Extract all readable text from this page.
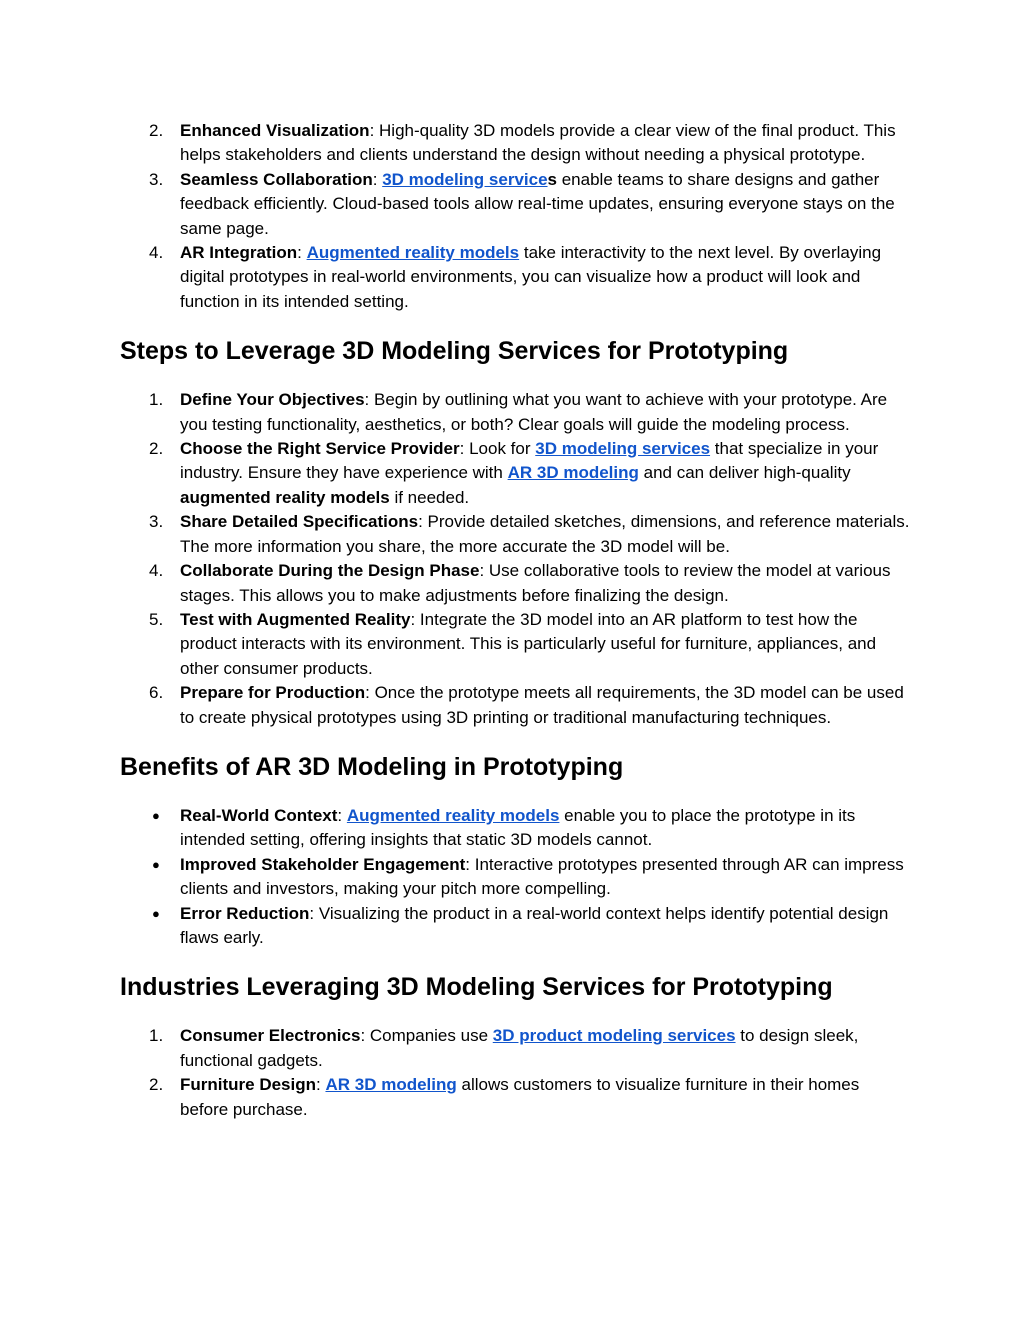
2. Enhanced Visualization: High-quality 3D models provide a clear view of the final product. This helps stakeholders and clients understand the design without needing a physical prototype.
3. Seamless Collaboration: 3D modeling services enable teams to share designs and gather feedback efficiently. Cloud-based tools allow real-time updates, ensuring everyone stays on the same page.
4. AR Integration: Augmented reality models take interactivity to the next level. By overlaying digital prototypes in real-world environments, you can visualize how a product will look and function in its intended setting.
Steps to Leverage 3D Modeling Services for Prototyping
1. Define Your Objectives: Begin by outlining what you want to achieve with your prototype. Are you testing functionality, aesthetics, or both? Clear goals will guide the modeling process.
2. Choose the Right Service Provider: Look for 3D modeling services that specialize in your industry. Ensure they have experience with AR 3D modeling and can deliver high-quality augmented reality models if needed.
3. Share Detailed Specifications: Provide detailed sketches, dimensions, and reference materials. The more information you share, the more accurate the 3D model will be.
4. Collaborate During the Design Phase: Use collaborative tools to review the model at various stages. This allows you to make adjustments before finalizing the design.
5. Test with Augmented Reality: Integrate the 3D model into an AR platform to test how the product interacts with its environment. This is particularly useful for furniture, appliances, and other consumer products.
6. Prepare for Production: Once the prototype meets all requirements, the 3D model can be used to create physical prototypes using 3D printing or traditional manufacturing techniques.
Benefits of AR 3D Modeling in Prototyping
●	Real-World Context: Augmented reality models enable you to place the prototype in its intended setting, offering insights that static 3D models cannot.
●	Improved Stakeholder Engagement: Interactive prototypes presented through AR can impress clients and investors, making your pitch more compelling.
●	Error Reduction: Visualizing the product in a real-world context helps identify potential design flaws early.
Industries Leveraging 3D Modeling Services for Prototyping
1. Consumer Electronics: Companies use 3D product modeling services to design sleek, functional gadgets.
2. Furniture Design: AR 3D modeling allows customers to visualize furniture in their homes before purchase.
